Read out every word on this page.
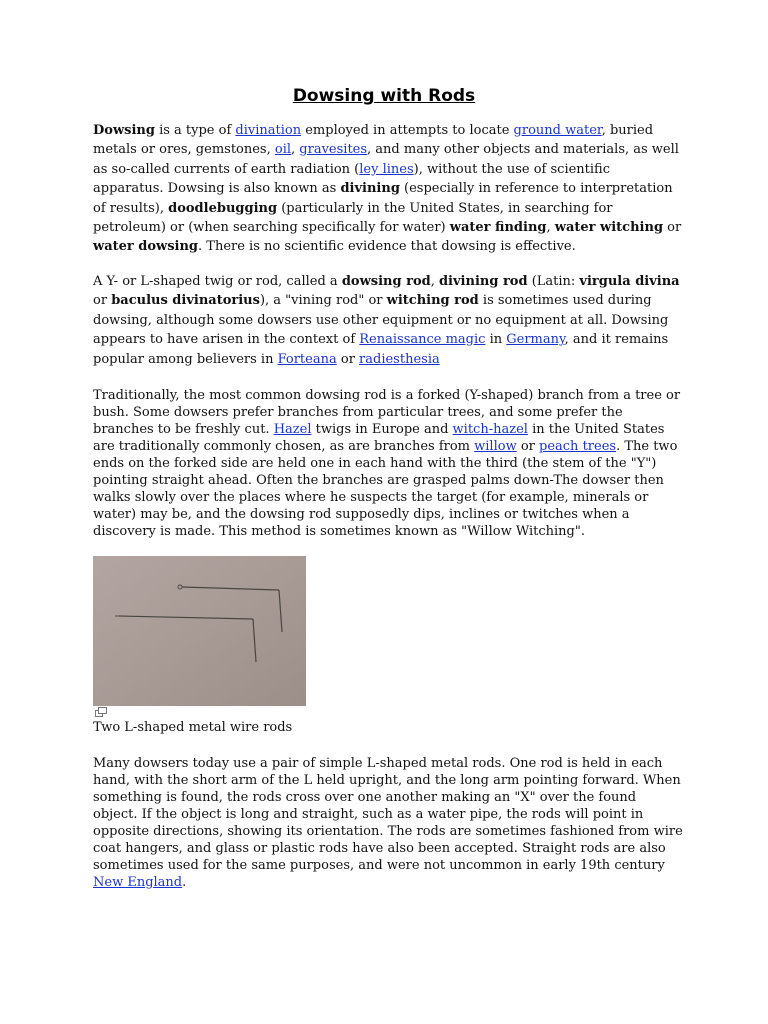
Dowsing with Rods

Dowsing is a type of divination employed in attempts to locate ground water, buried metals or ores, gemstones, oil, gravesites, and many other objects and materials, as well as so-called currents of earth radiation (ley lines), without the use of scientific apparatus. Dowsing is also known as divining (especially in reference to interpretation of results), doodlebugging (particularly in the United States, in searching for petroleum) or (when searching specifically for water) water finding, water witching or water dowsing. There is no scientific evidence that dowsing is effective.

A Y- or L-shaped twig or rod, called a dowsing rod, divining rod (Latin: virgula divina or baculus divinatorius), a "vining rod" or witching rod is sometimes used during dowsing, although some dowsers use other equipment or no equipment at all. Dowsing appears to have arisen in the context of Renaissance magic in Germany, and it remains popular among believers in Forteana or radiesthesia

Traditionally, the most common dowsing rod is a forked (Y-shaped) branch from a tree or bush. Some dowsers prefer branches from particular trees, and some prefer the branches to be freshly cut. Hazel twigs in Europe and witch-hazel in the United States are traditionally commonly chosen, as are branches from willow or peach trees. The two ends on the forked side are held one in each hand with the third (the stem of the "Y") pointing straight ahead. Often the branches are grasped palms down-The dowser then walks slowly over the places where he suspects the target (for example, minerals or water) may be, and the dowsing rod supposedly dips, inclines or twitches when a discovery is made. This method is sometimes known as "Willow Witching".

Two L-shaped metal wire rods

Many dowsers today use a pair of simple L-shaped metal rods. One rod is held in each hand, with the short arm of the L held upright, and the long arm pointing forward. When something is found, the rods cross over one another making an "X" over the found object. If the object is long and straight, such as a water pipe, the rods will point in opposite directions, showing its orientation. The rods are sometimes fashioned from wire coat hangers, and glass or plastic rods have also been accepted. Straight rods are also sometimes used for the same purposes, and were not uncommon in early 19th century New England.
